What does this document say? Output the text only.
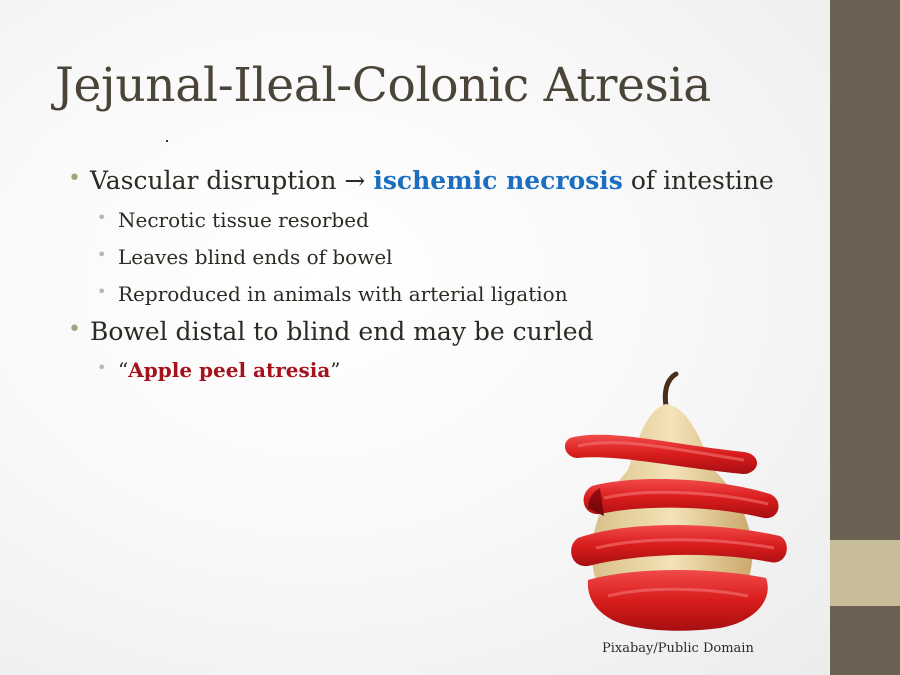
Jejunal-Ileal-Colonic Atresia
• Vascular disruption → ischemic necrosis of intestine
• Necrotic tissue resorbed
• Leaves blind ends of bowel
• Reproduced in animals with arterial ligation
• Bowel distal to blind end may be curled
• “Apple peel atresia”
Pixabay/Public Domain
